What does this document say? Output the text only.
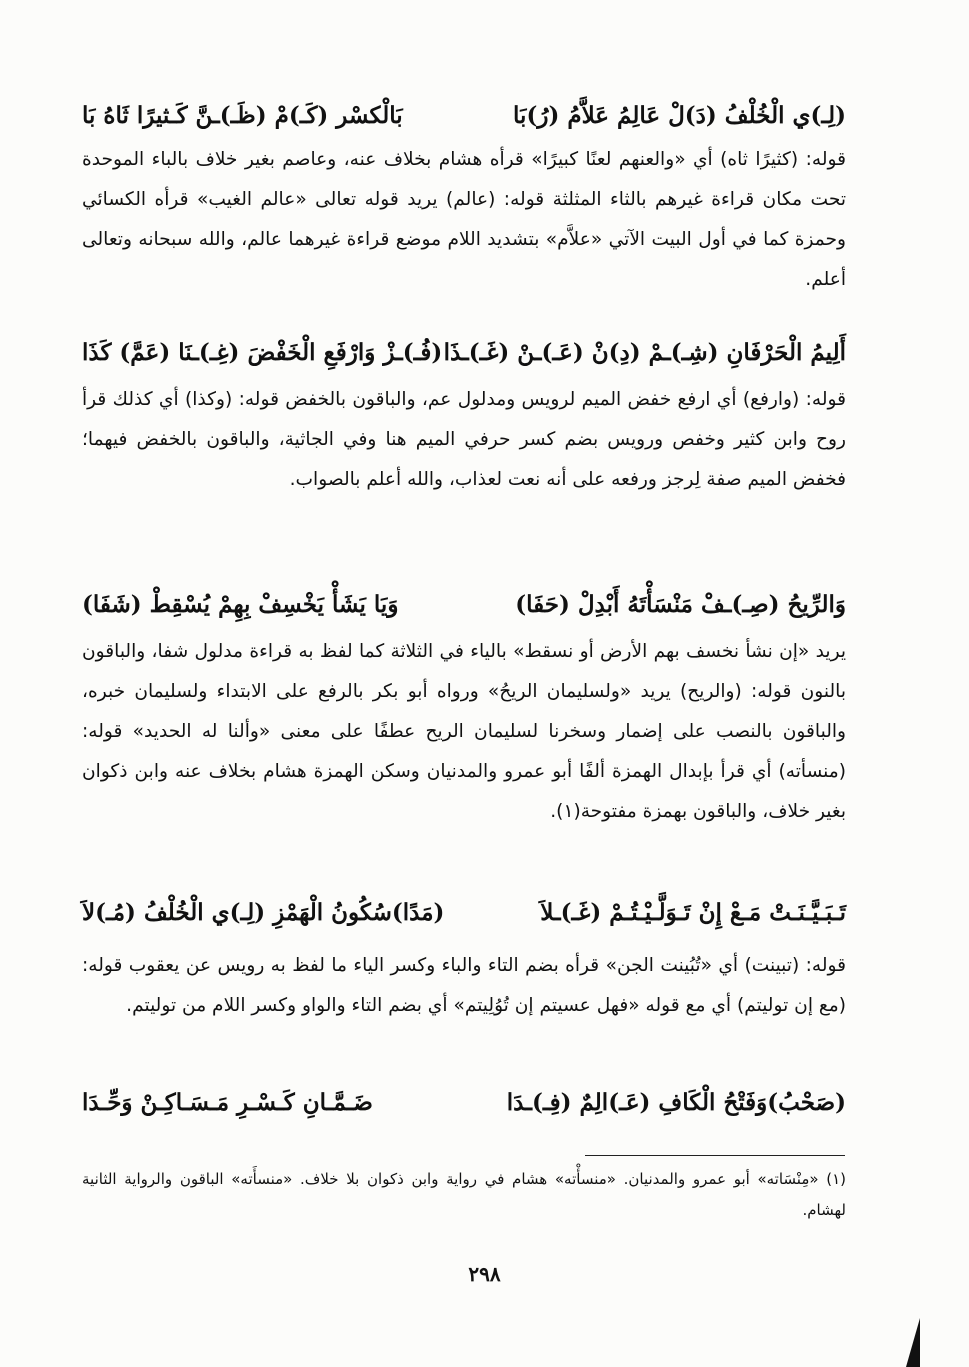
بَالْكسْر (كَـ)مْ (ظَـ)ـنَّ كَـثيرًا ثَاهُ بَا	(لِـ)ي الْخُلْفُ (دَ)لْ عَالِمُ عَلاَّمُ (رُ)بَا

قوله: (كثيرًا ثاه) أي «والعنهم لعنًا كبيرًا» قرأه هشام بخلاف عنه، وعاصم بغير خلاف بالباء الموحدة تحت مكان قراءة غيرهم بالثاء المثلثة قوله: (عالم) يريد قوله تعالى «عالم الغيب» قرأه الكسائي وحمزة كما في أول البيت الآتي «علاَّم» بتشديد اللام موضع قراءة غيرهما عالم، والله سبحانه وتعالى أعلم.

(فُـ)ـزْ وَارْفَعِ الْخَفْضَ (غِـ)ـنَا (عَمَّ) كَذَا أَلِيمُ الْحَرْفَانِ (شِـ)ـمْ (دِ)نْ (عَـ)ـنْ (غَـ)ـذَا

قوله: (وارفع) أي ارفع خفض الميم لرويس ومدلول عم، والباقون بالخفض قوله: (وكذا) أي كذلك قرأ روح وابن كثير وخفص ورويس بضم كسر حرفي الميم هنا وفي الجاثية، والباقون بالخفض فيهما؛ فخفض الميم صفة لِرجز ورفعه على أنه نعت لعذاب، والله أعلم بالصواب.

وَيَا يَشَأْ يَخْسِفْ بِهِمْ يُسْقِطْ (شَفَا)	وَالرِّيحُ (صِـ)ـفْ مَنْسَأْتَهُ أَبْدِلْ (حَفَا)

يريد «إن نشأ نخسف بهم الأرض أو نسقط» بالياء في الثلاثة كما لفظ به قراءة مدلول شفا، والباقون بالنون قوله: (والريح) يريد «ولسليمان الريحُ» ورواه أبو بكر بالرفع على الابتداء ولسليمان خبره، والباقون بالنصب على إضمار وسخرنا لسليمان الريح عطفًا على معنى «وألنا له الحديد» قوله: (منسأته) أي قرأ بإبدال الهمزة ألفًا أبو عمرو والمدنيان وسكن الهمزة هشام بخلاف عنه وابن ذكوان بغير خلاف، والباقون بهمزة مفتوحة(١).

(مَدًا)سُكُونُ الْهَمْزِ (لِـ)ي الْخُلْفُ (مُـ)لاَ	تَـبَـيَّـنَـتْ مَـعْ إِنْ تَـوَلَّـيْـتُـمْ (غَـ)ـلاَ

قوله: (تبينت) أي «تُبُينت الجن» قرأه بضم التاء والباء وكسر الياء ما لفظ به رويس عن يعقوب قوله: (مع إن توليتم) أي مع قوله «فهل عسيتم إن تُوُلِيتم» أي بضم التاء والواو وكسر اللام من توليتم.

ضَـمَّـانِ كَـسْـرِ مَـسَـاكِـنْ وَحِّـدَا	(صَحْبُ)وَفَتْحُ الْكَافِ (عَـ)الِمٌ (فِـ)ـدَا

(١) «مِنْسَاته» أبو عمرو والمدنيان. «منسأْته» هشام في رواية وابن ذكوان بلا خلاف. «منسأَته» الباقون والرواية الثانية لهشام.

٢٩٨
